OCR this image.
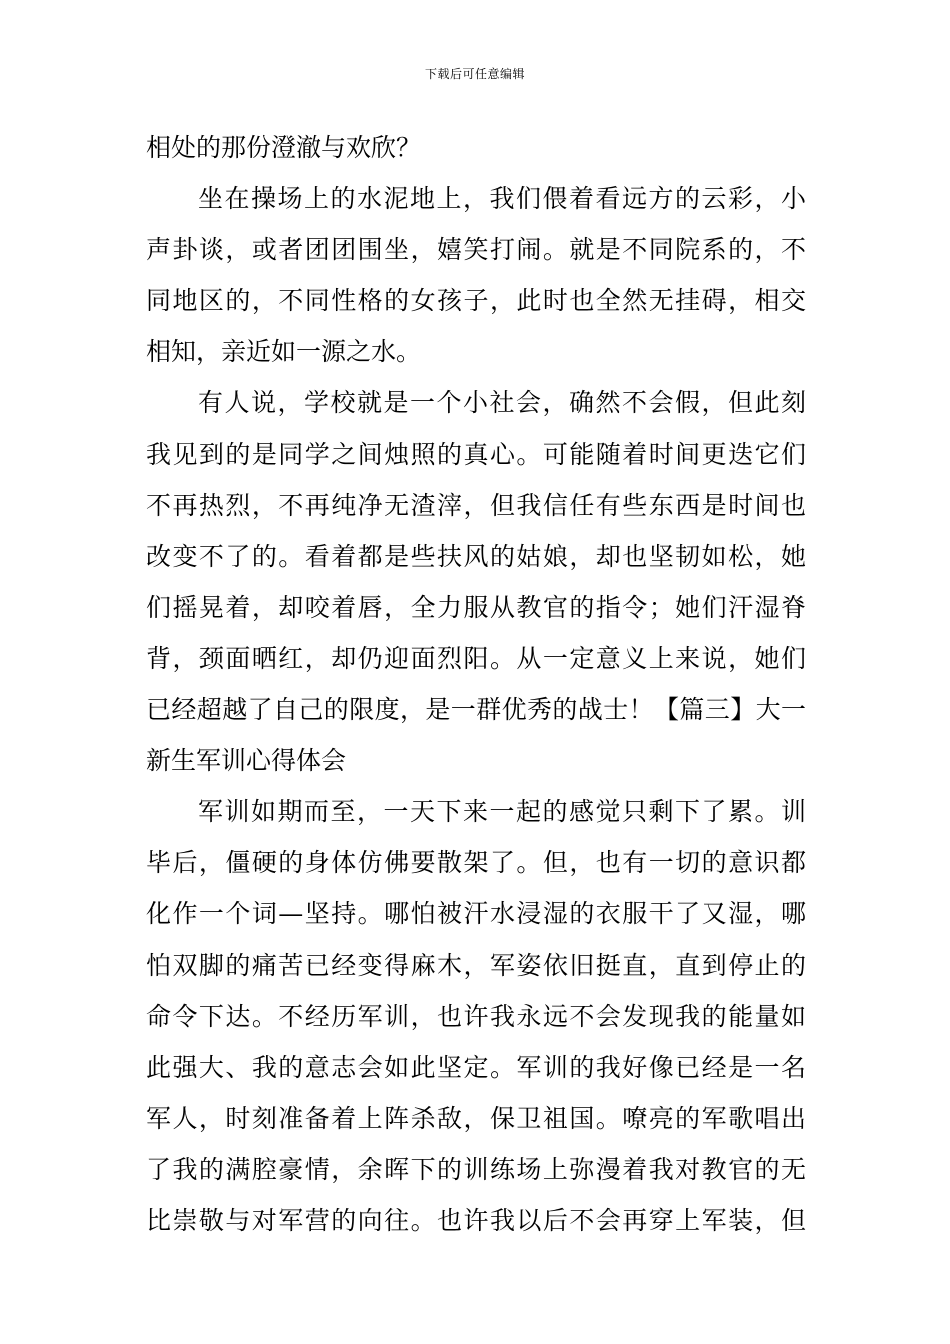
下载后可任意编辑
相处的那份澄澈与欢欣？
坐在操场上的水泥地上，我们偎着看远方的云彩，小
声卦谈，或者团团围坐，嬉笑打闹。就是不同院系的，不
同地区的，不同性格的女孩子，此时也全然无挂碍，相交
相知，亲近如一源之水。
有人说，学校就是一个小社会，确然不会假，但此刻
我见到的是同学之间烛照的真心。可能随着时间更迭它们
不再热烈，不再纯净无渣滓，但我信任有些东西是时间也
改变不了的。看着都是些扶风的姑娘，却也坚韧如松，她
们摇晃着，却咬着唇，全力服从教官的指令；她们汗湿脊
背，颈面晒红，却仍迎面烈阳。从一定意义上来说，她们
已经超越了自己的限度，是一群优秀的战士！【篇三】大一
新生军训心得体会
军训如期而至，一天下来一起的感觉只剩下了累。训
毕后，僵硬的身体仿佛要散架了。但，也有一切的意识都
化作一个词—坚持。哪怕被汗水浸湿的衣服干了又湿，哪
怕双脚的痛苦已经变得麻木，军姿依旧挺直，直到停止的
命令下达。不经历军训，也许我永远不会发现我的能量如
此强大、我的意志会如此坚定。军训的我好像已经是一名
军人，时刻准备着上阵杀敌，保卫祖国。嘹亮的军歌唱出
了我的满腔豪情，余晖下的训练场上弥漫着我对教官的无
比崇敬与对军营的向往。也许我以后不会再穿上军装，但
